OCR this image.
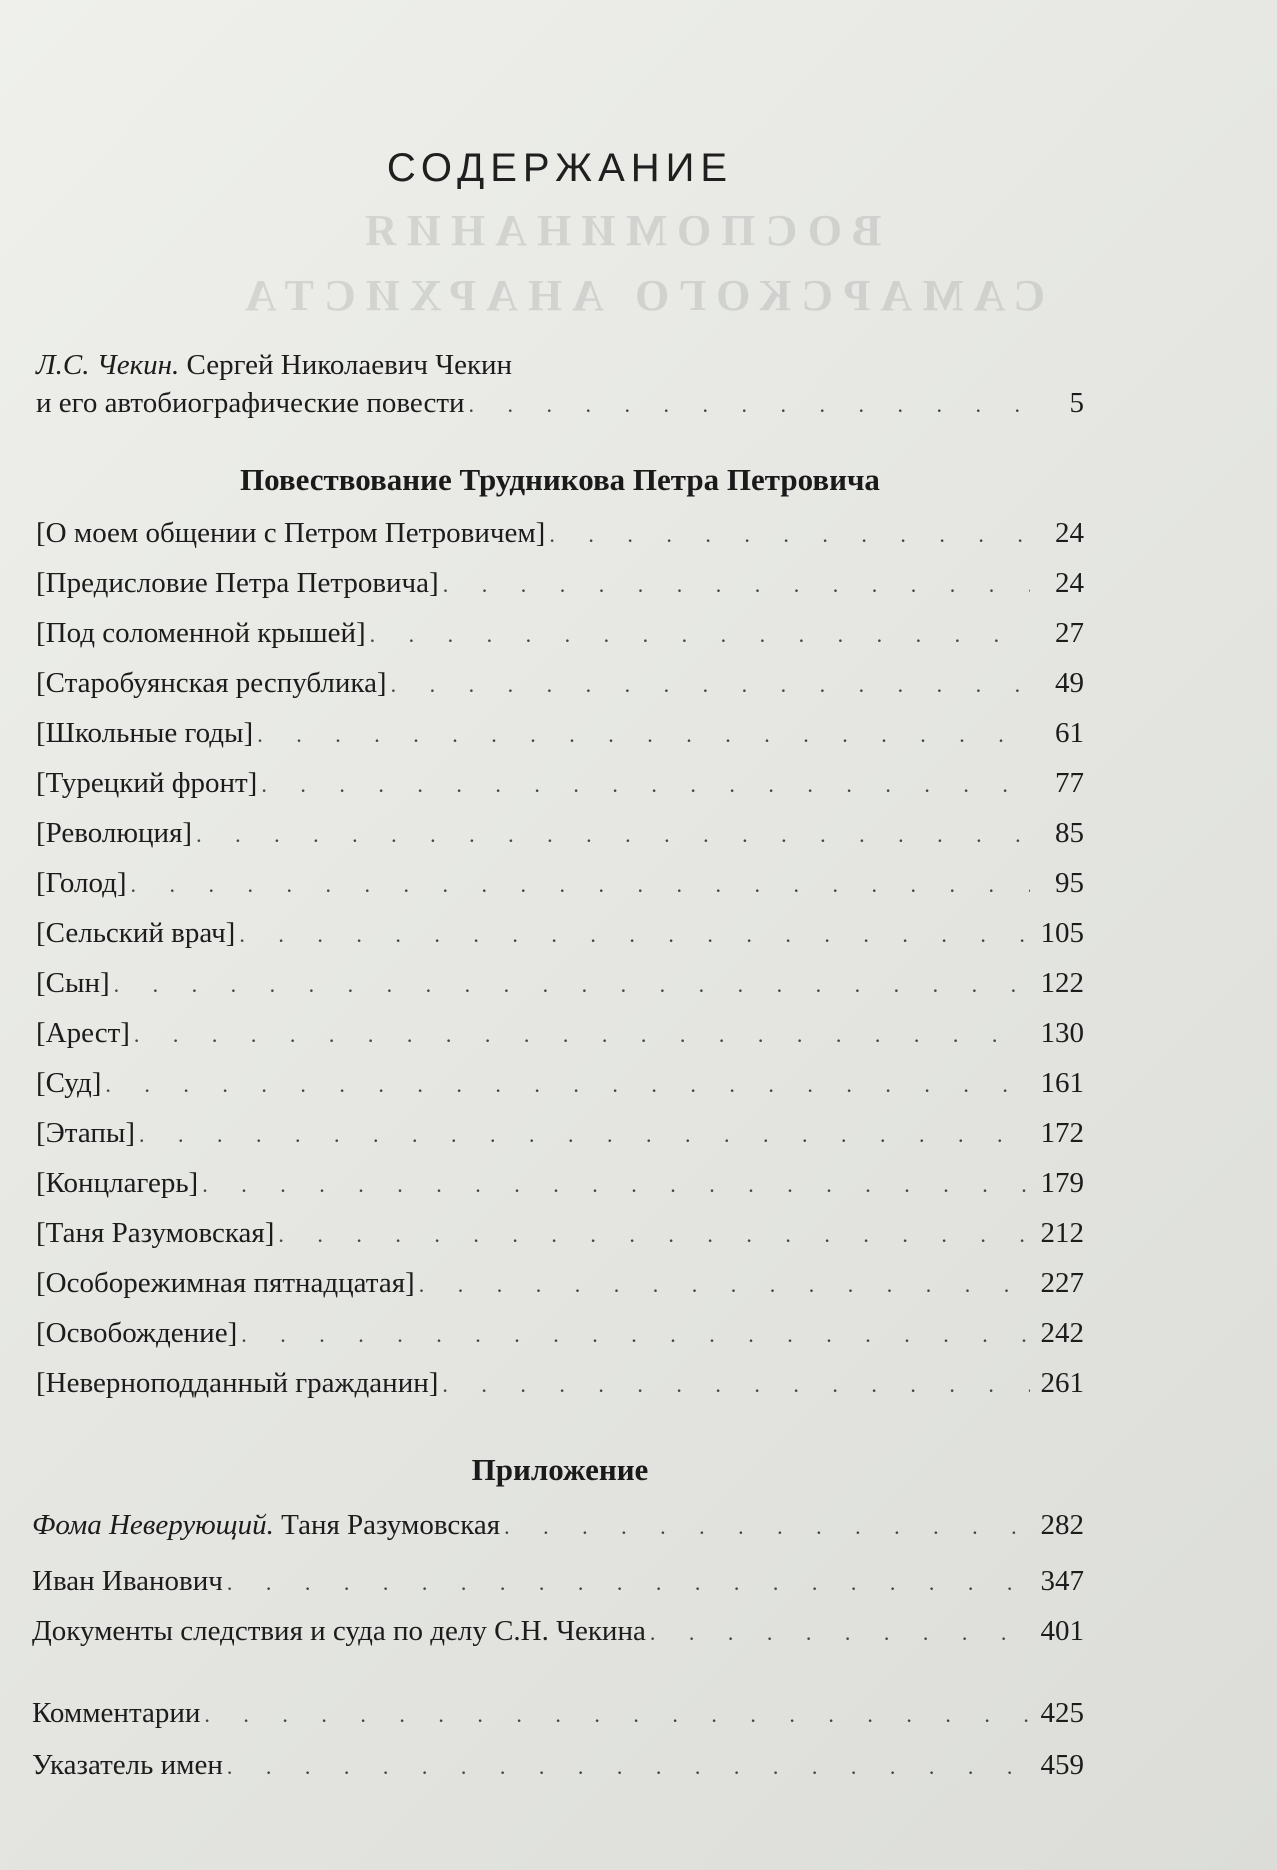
ВОСПОМИНАНИЯ
САМАРСКОГО АНАРХИСТА
СОДЕРЖАНИЕ
Л.С. Чекин. Сергей Николаевич Чекин
и его автобиографические повести . . .	5
Повествование Трудникова Петра Петровича
[О моем общении с Петром Петровичем] . . .	24
[Предисловие Петра Петровича] . . .	24
[Под соломенной крышей] . . .	27
[Старобуянская республика] . . .	49
[Школьные годы] . . .	61
[Турецкий фронт] . . .	77
[Революция] . . .	85
[Голод] . . .	95
[Сельский врач] . . .	105
[Сын] . . .	122
[Арест] . . .	130
[Суд] . . .	161
[Этапы] . . .	172
[Концлагерь] . . .	179
[Таня Разумовская] . . .	212
[Особорежимная пятнадцатая] . . .	227
[Освобождение] . . .	242
[Неверноподданный гражданин] . . .	261
Приложение
Фома Неверующий. Таня Разумовская . . .	282
Иван Иванович . . .	347
Документы следствия и суда по делу С.Н. Чекина . . .	401
Комментарии . . .	425
Указатель имен . . .	459
